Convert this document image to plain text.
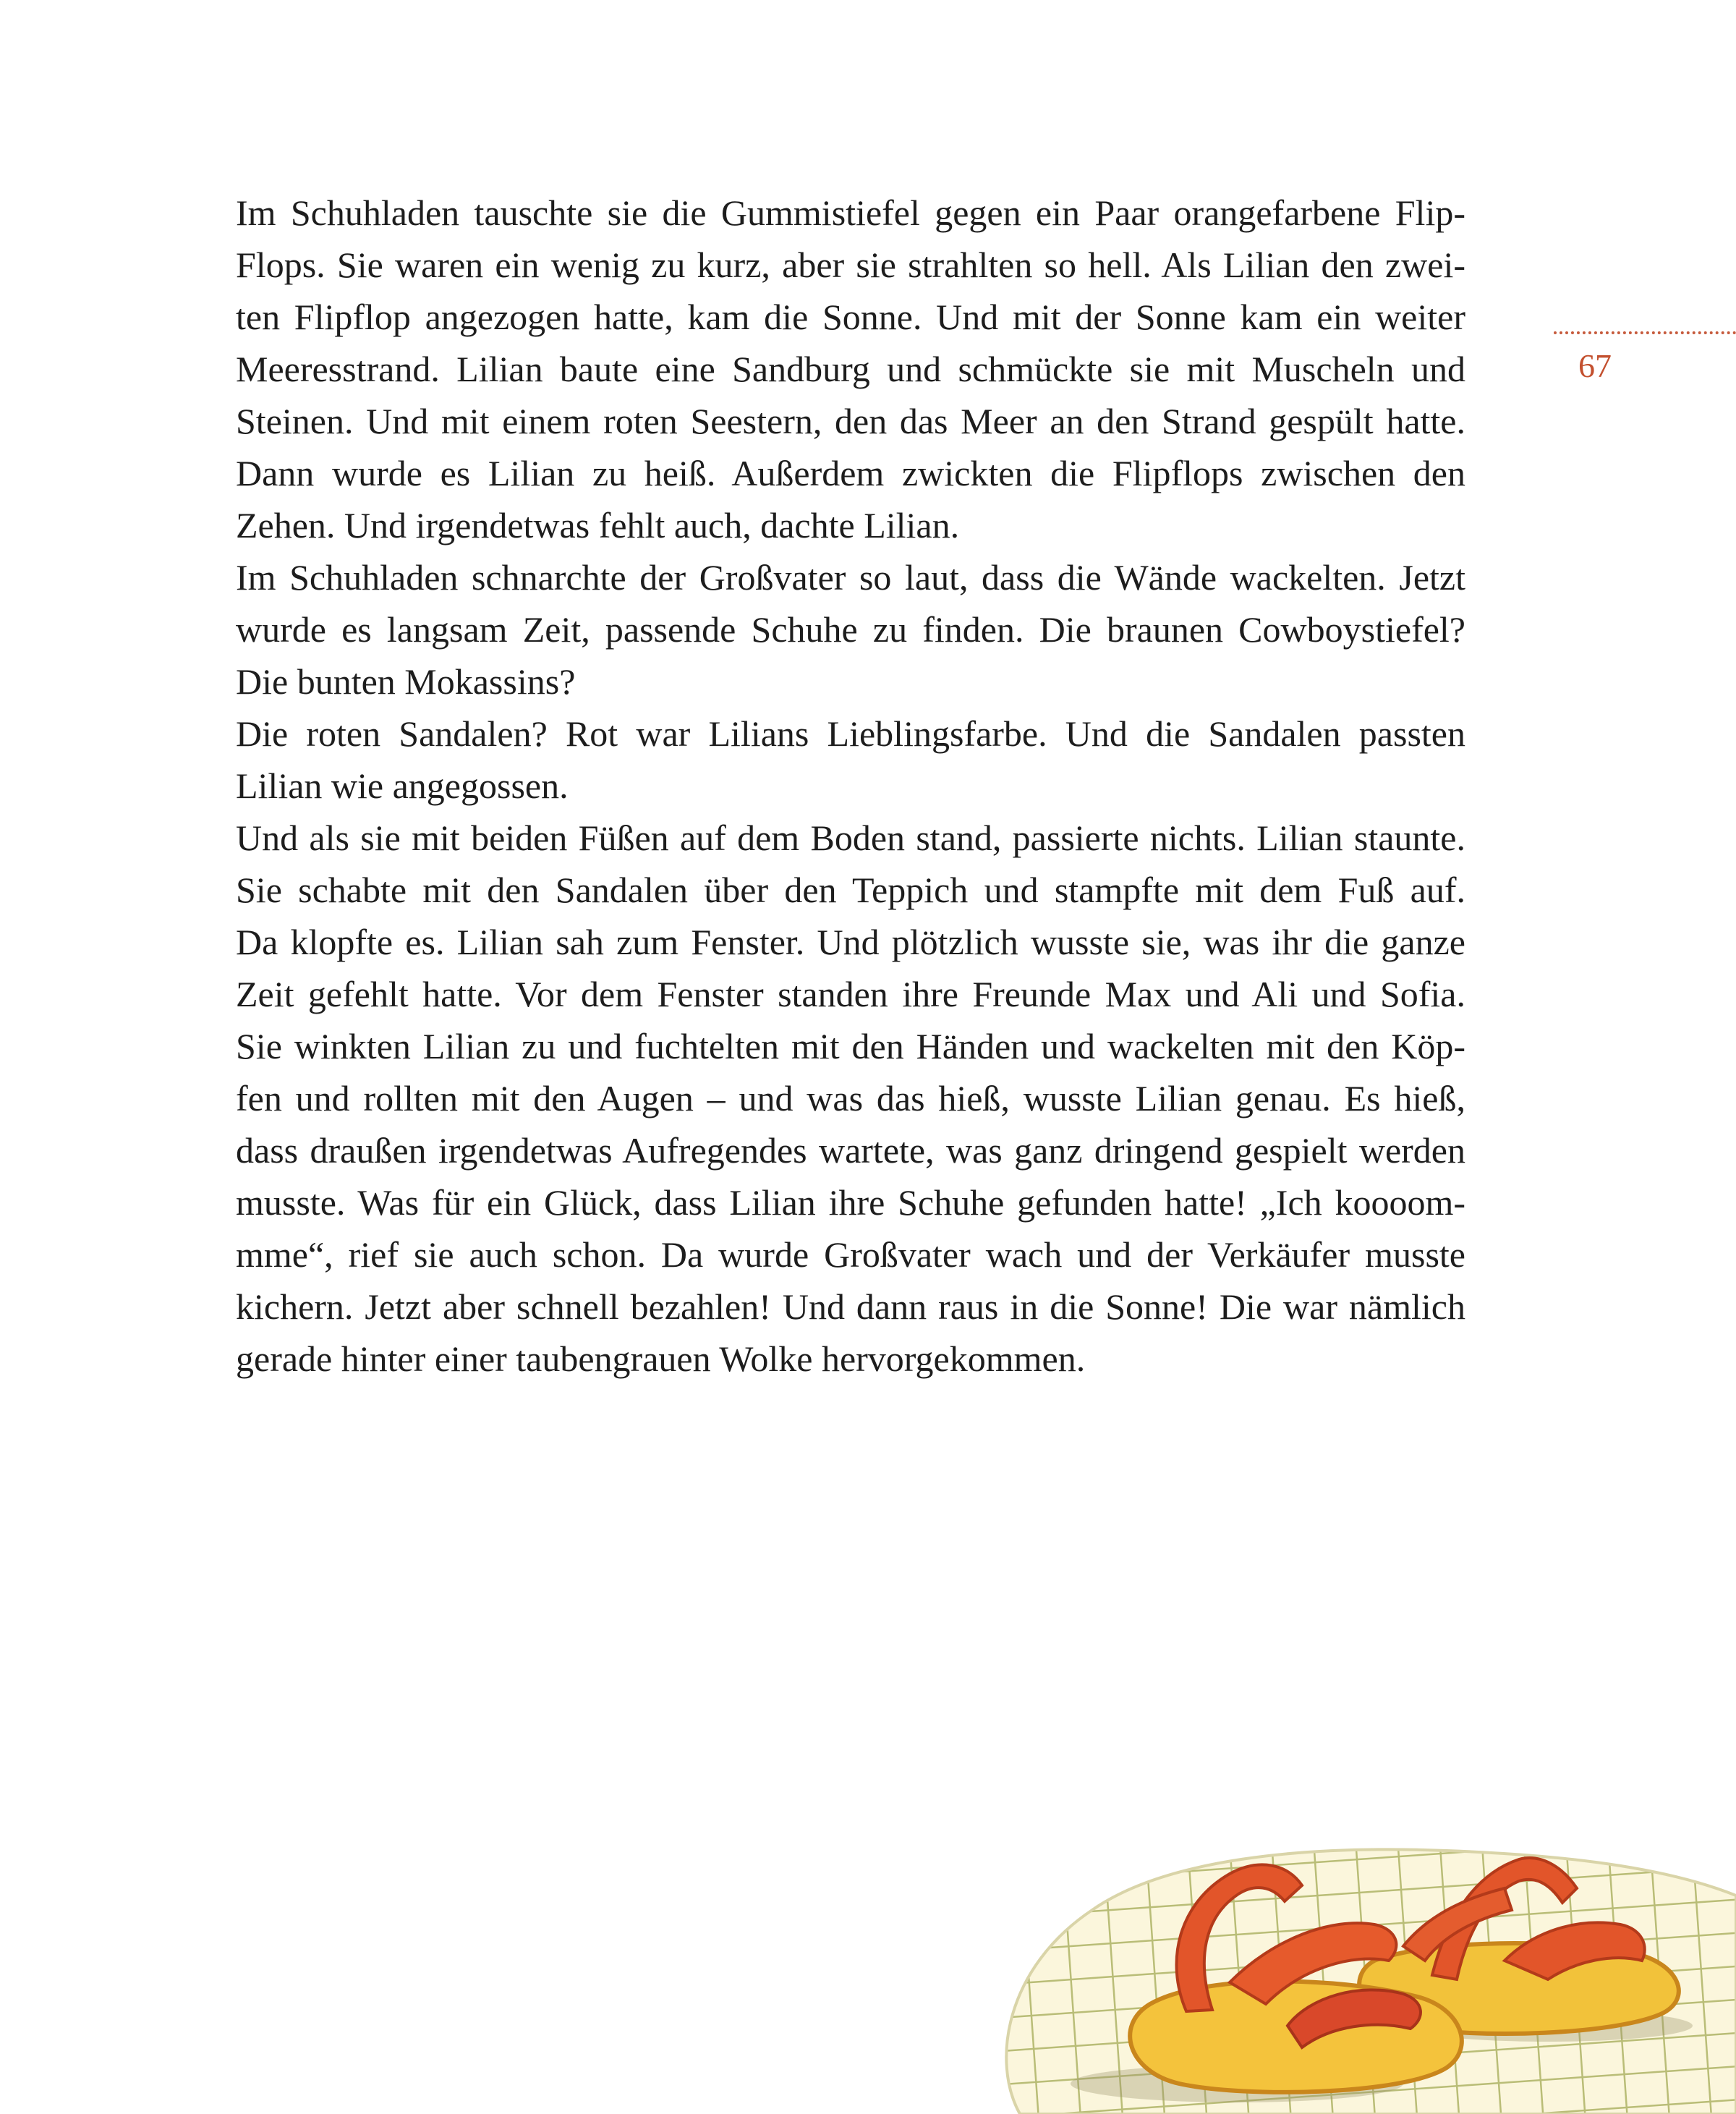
Im Schuhladen tauschte sie die Gummistiefel gegen ein Paar orangefarbene Flip-
Flops. Sie waren ein wenig zu kurz, aber sie strahlten so hell. Als Lilian den zwei-
ten Flipflop angezogen hatte, kam die Sonne. Und mit der Sonne kam ein weiter
Meeresstrand. Lilian baute eine Sandburg und schmückte sie mit Muscheln und
Steinen. Und mit einem roten Seestern, den das Meer an den Strand gespült hatte.
Dann wurde es Lilian zu heiß. Außerdem zwickten die Flipflops zwischen den
Zehen. Und irgendetwas fehlt auch, dachte Lilian.
Im Schuhladen schnarchte der Großvater so laut, dass die Wände wackelten. Jetzt
wurde es langsam Zeit, passende Schuhe zu finden. Die braunen Cowboystiefel?
Die bunten Mokassins?
Die roten Sandalen? Rot war Lilians Lieblingsfarbe. Und die Sandalen passten
Lilian wie angegossen.
Und als sie mit beiden Füßen auf dem Boden stand, passierte nichts. Lilian staunte.
Sie schabte mit den Sandalen über den Teppich und stampfte mit dem Fuß auf.
Da klopfte es. Lilian sah zum Fenster. Und plötzlich wusste sie, was ihr die ganze
Zeit gefehlt hatte. Vor dem Fenster standen ihre Freunde Max und Ali und Sofia.
Sie winkten Lilian zu und fuchtelten mit den Händen und wackelten mit den Köp-
fen und rollten mit den Augen – und was das hieß, wusste Lilian genau. Es hieß,
dass draußen irgendetwas Aufregendes wartete, was ganz dringend gespielt werden
musste. Was für ein Glück, dass Lilian ihre Schuhe gefunden hatte! „Ich koooom-
mme“, rief sie auch schon. Da wurde Großvater wach und der Verkäufer musste
kichern. Jetzt aber schnell bezahlen! Und dann raus in die Sonne! Die war nämlich
gerade hinter einer taubengrauen Wolke hervorgekommen.
67
